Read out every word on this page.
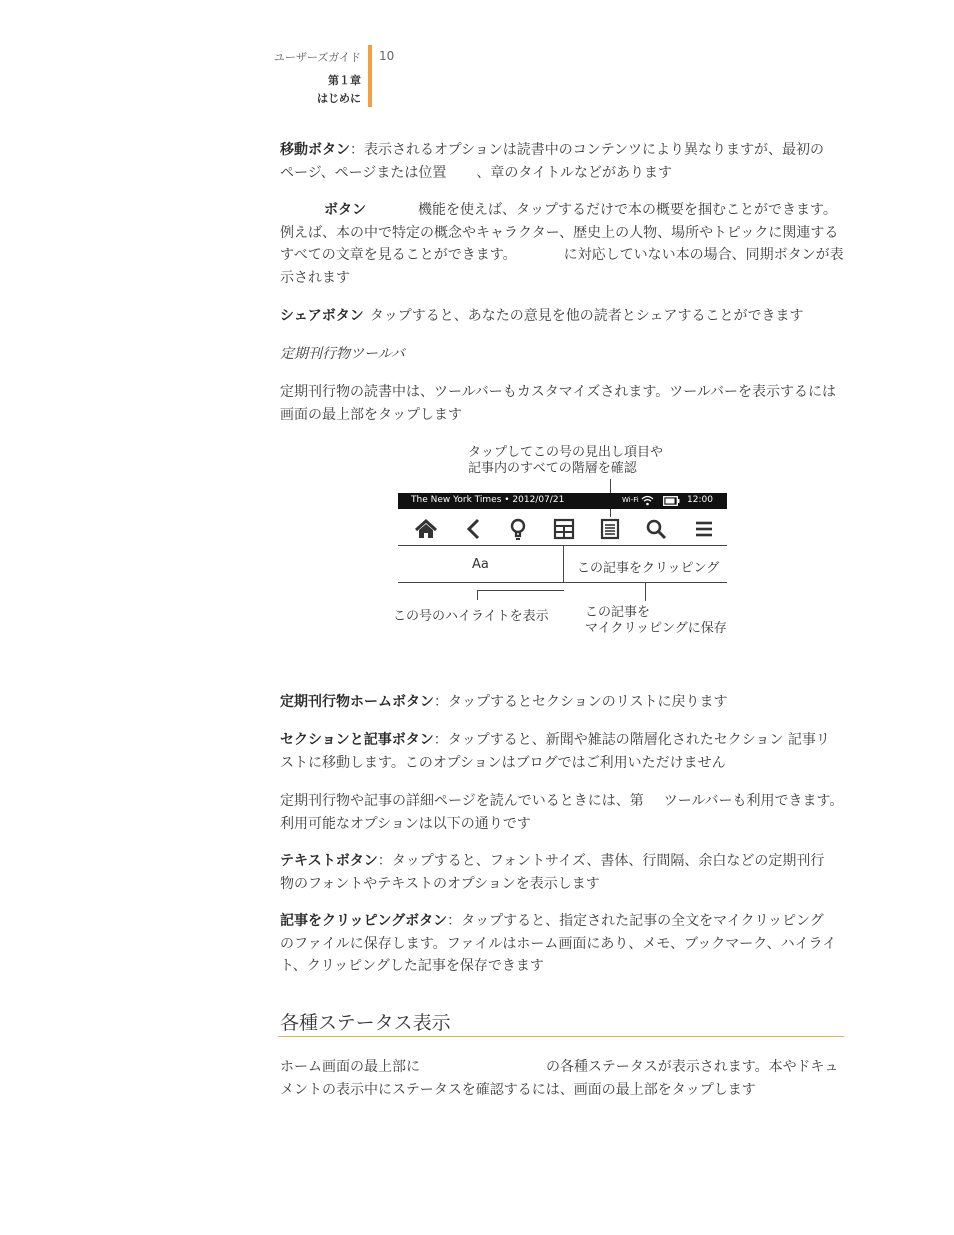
ユーザーズガイド 10
第１章
はじめに
移動ボタン：表示されるオプションは読書中のコンテンツにより異なりますが、最初の
ページ、ページまたは位置 、章のタイトルなどがあります
ボタン	機能を使えば、タップするだけで本の概要を掴むことができます。
例えば、本の中で特定の概念やキャラクター、歴史上の人物、場所やトピックに関連する
すべての文章を見ることができます。	に対応していない本の場合、同期ボタンが表
示されます
シェアボタン タップすると、あなたの意見を他の読者とシェアすることができます
定期刊行物ツールバ
定期刊行物の読書中は、ツールバーもカスタマイズされます。ツールバーを表示するには
画面の最上部をタップします
タップしてこの号の見出し項目や
記事内のすべての階層を確認
The New York Times • 2012/07/21	Wi-Fi	12:00
Aa	この記事をクリッピング
この号のハイライトを表示	この記事を
マイクリッピングに保存
定期刊行物ホームボタン：タップするとセクションのリストに戻ります
セクションと記事ボタン：タップすると、新聞や雑誌の階層化されたセクション 記事リ
ストに移動します。このオプションはブログではご利用いただけません
定期刊行物や記事の詳細ページを読んでいるときには、第 ツールバーも利用できます。
利用可能なオプションは以下の通りです
テキストボタン：タップすると、フォントサイズ、書体、行間隔、余白などの定期刊行
物のフォントやテキストのオプションを表示します
記事をクリッピングボタン：タップすると、指定された記事の全文をマイクリッピング
のファイルに保存します。ファイルはホーム画面にあり、メモ、ブックマーク、ハイライ
ト、クリッピングした記事を保存できます
各種ステータス表示
ホーム画面の最上部に	の各種ステータスが表示されます。本やドキュ
メントの表示中にステータスを確認するには、画面の最上部をタップします
